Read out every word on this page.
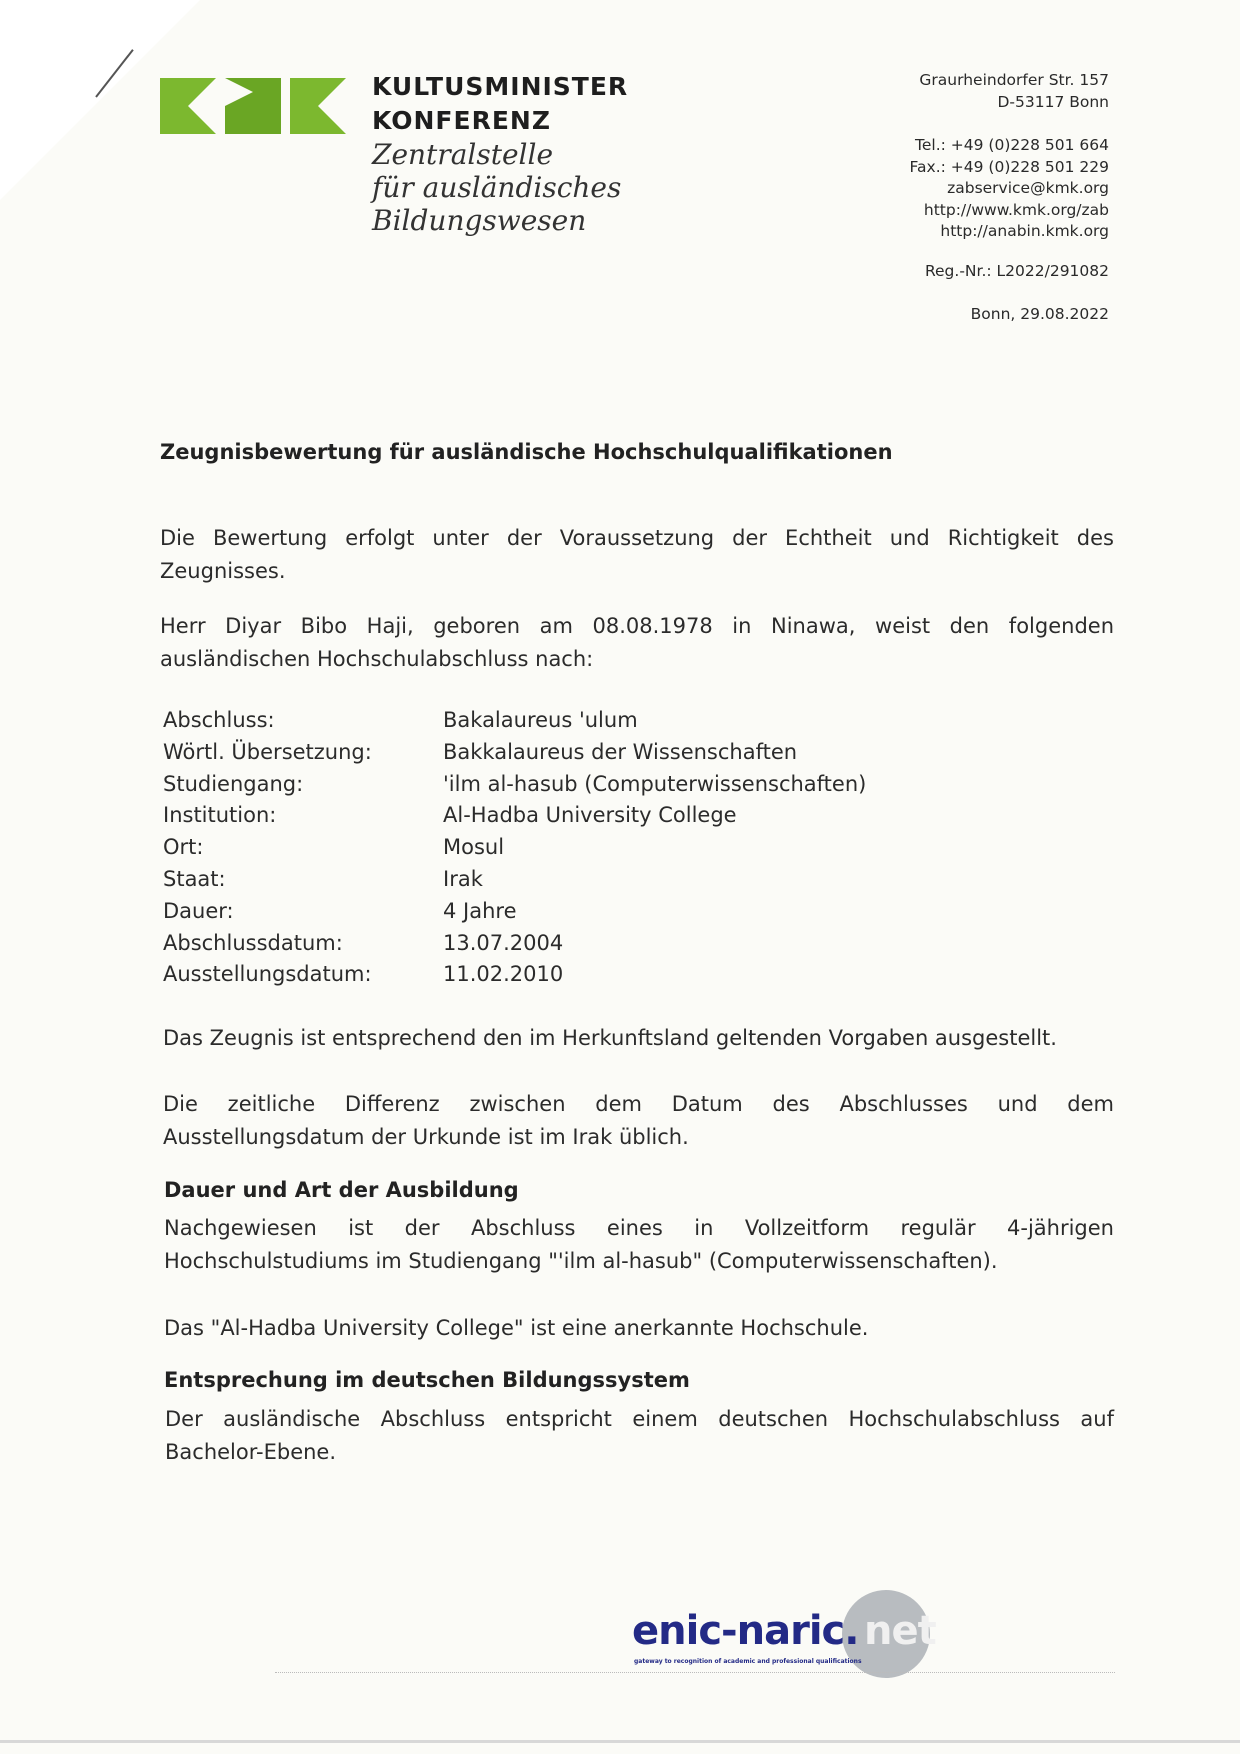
KULTUSMINISTER
KONFERENZ
Zentralstelle
für ausländisches
Bildungswesen
Graurheindorfer Str. 157
D-53117 Bonn
Tel.: +49 (0)228 501 664
Fax.: +49 (0)228 501 229
zabservice@kmk.org
http://www.kmk.org/zab
http://anabin.kmk.org
Reg.-Nr.: L2022/291082
Bonn, 29.08.2022
Zeugnisbewertung für ausländische Hochschulqualifikationen
Die Bewertung erfolgt unter der Voraussetzung der Echtheit und Richtigkeit des Zeugnisses.
Herr Diyar Bibo Haji, geboren am 08.08.1978 in Ninawa, weist den folgenden ausländischen Hochschulabschluss nach:
Abschluss:	Bakalaureus 'ulum
Wörtl. Übersetzung:	Bakkalaureus der Wissenschaften
Studiengang:	'ilm al-hasub (Computerwissenschaften)
Institution:	Al-Hadba University College
Ort:	Mosul
Staat:	Irak
Dauer:	4 Jahre
Abschlussdatum:	13.07.2004
Ausstellungsdatum:	11.02.2010
Das Zeugnis ist entsprechend den im Herkunftsland geltenden Vorgaben ausgestellt.
Die zeitliche Differenz zwischen dem Datum des Abschlusses und dem Ausstellungsdatum der Urkunde ist im Irak üblich.
Dauer und Art der Ausbildung
Nachgewiesen ist der Abschluss eines in Vollzeitform regulär 4-jährigen Hochschulstudiums im Studiengang "'ilm al-hasub" (Computerwissenschaften).
Das "Al-Hadba University College" ist eine anerkannte Hochschule.
Entsprechung im deutschen Bildungssystem
Der ausländische Abschluss entspricht einem deutschen Hochschulabschluss auf Bachelor-Ebene.
enic-naric. net
gateway to recognition of academic and professional qualifications
